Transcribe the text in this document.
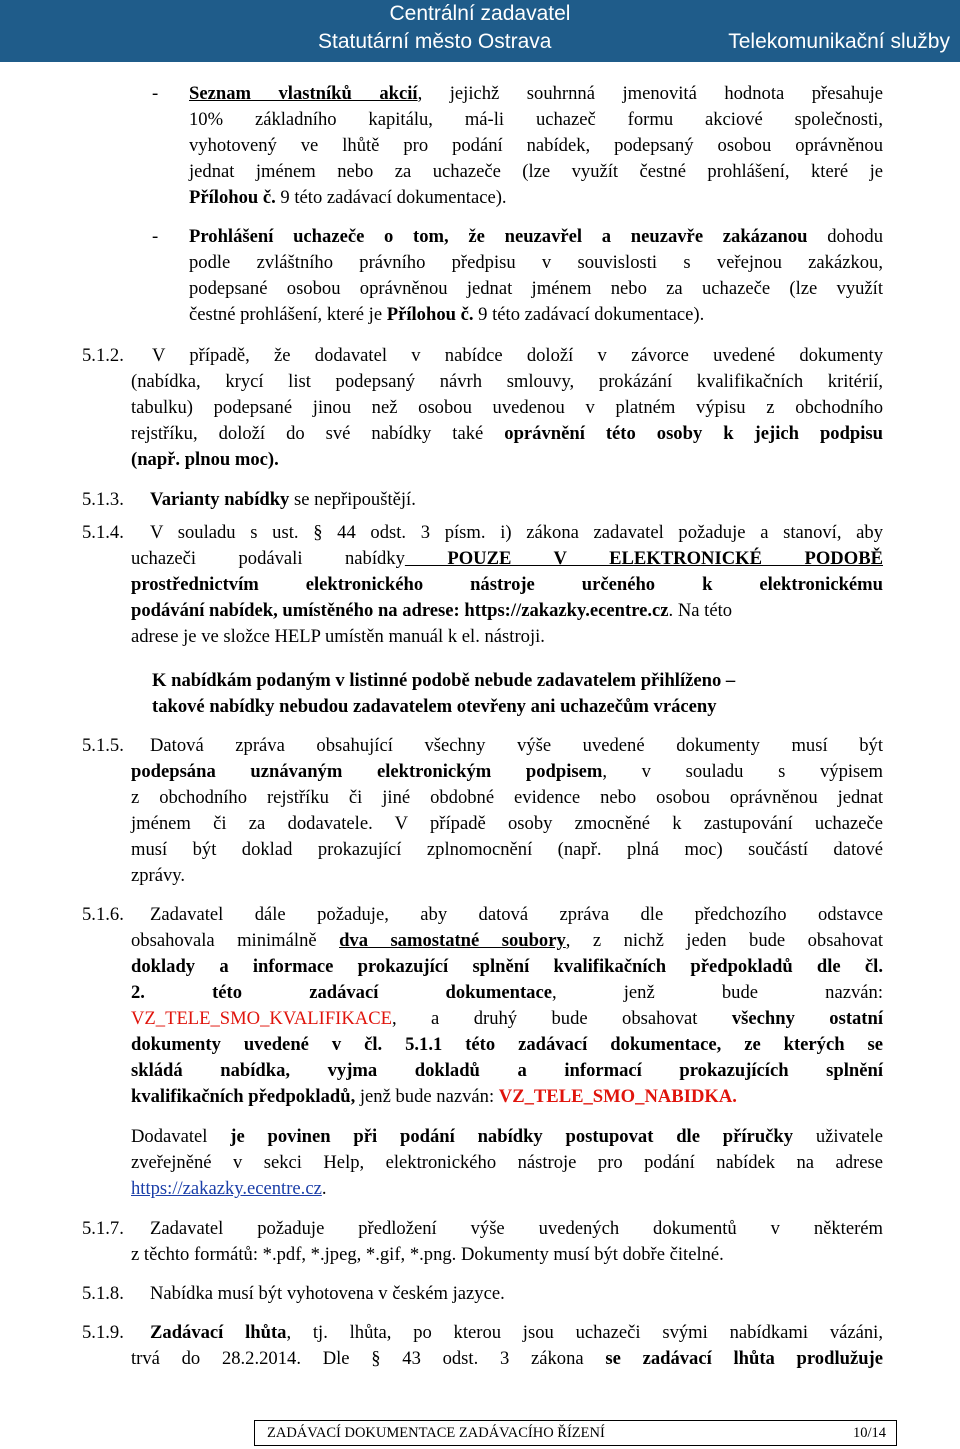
Centrální zadavatel
Statutární město Ostrava	Telekomunikační služby
- Seznam vlastníků akcií, jejichž souhrnná jmenovitá hodnota přesahuje
10% základního kapitálu, má-li uchazeč formu akciové společnosti,
vyhotovený ve lhůtě pro podání nabídek, podepsaný osobou oprávněnou
jednat jménem nebo za uchazeče (lze využít čestné prohlášení, které je
Přílohou č. 9 této zadávací dokumentace).
- Prohlášení uchazeče o tom, že neuzavřel a neuzavře zakázanou dohodu
podle zvláštního právního předpisu v souvislosti s veřejnou zakázkou,
podepsané osobou oprávněnou jednat jménem nebo za uchazeče (lze využít
čestné prohlášení, které je Přílohou č. 9 této zadávací dokumentace).
5.1.2. V případě, že dodavatel v nabídce doloží v závorce uvedené dokumenty
(nabídka, krycí list podepsaný návrh smlouvy, prokázání kvalifikačních kritérií,
tabulku) podepsané jinou než osobou uvedenou v platném výpisu z obchodního
rejstříku, doloží do své nabídky také oprávnění této osoby k jejich podpisu
(např. plnou moc).
5.1.3. Varianty nabídky se nepřipouštějí.
5.1.4. V souladu s ust. § 44 odst. 3 písm. i) zákona zadavatel požaduje a stanoví, aby
uchazeči podávali nabídky POUZE V ELEKTRONICKÉ PODOBĚ
prostřednictvím elektronického nástroje určeného k elektronickému
podávání nabídek, umístěného na adrese: https://zakazky.ecentre.cz. Na této
adrese je ve složce HELP umístěn manuál k el. nástroji.
K nabídkám podaným v listinné podobě nebude zadavatelem přihlíženo –
takové nabídky nebudou zadavatelem otevřeny ani uchazečům vráceny
5.1.5. Datová zpráva obsahující všechny výše uvedené dokumenty musí být
podepsána uznávaným elektronickým podpisem, v souladu s výpisem
z obchodního rejstříku či jiné obdobné evidence nebo osobou oprávněnou jednat
jménem či za dodavatele. V případě osoby zmocněné k zastupování uchazeče
musí být doklad prokazující zplnomocnění (např. plná moc) součástí datové
zprávy.
5.1.6. Zadavatel dále požaduje, aby datová zpráva dle předchozího odstavce
obsahovala minimálně dva samostatné soubory, z nichž jeden bude obsahovat
doklady a informace prokazující splnění kvalifikačních předpokladů dle čl.
2. této zadávací dokumentace, jenž bude nazván:
VZ_TELE_SMO_KVALIFIKACE, a druhý bude obsahovat všechny ostatní
dokumenty uvedené v čl. 5.1.1 této zadávací dokumentace, ze kterých se
skládá nabídka, vyjma dokladů a informací prokazujících splnění
kvalifikačních předpokladů, jenž bude nazván: VZ_TELE_SMO_NABIDKA.
Dodavatel je povinen při podání nabídky postupovat dle příručky uživatele
zveřejněné v sekci Help, elektronického nástroje pro podání nabídek na adrese
https://zakazky.ecentre.cz.
5.1.7. Zadavatel požaduje předložení výše uvedených dokumentů v některém
z těchto formátů: *.pdf, *.jpeg, *.gif, *.png. Dokumenty musí být dobře čitelné.
5.1.8. Nabídka musí být vyhotovena v českém jazyce.
5.1.9. Zadávací lhůta, tj. lhůta, po kterou jsou uchazeči svými nabídkami vázáni,
trvá do 28.2.2014. Dle § 43 odst. 3 zákona se zadávací lhůta prodlužuje
ZADÁVACÍ DOKUMENTACE ZADÁVACÍHO ŘÍZENÍ	10/14
